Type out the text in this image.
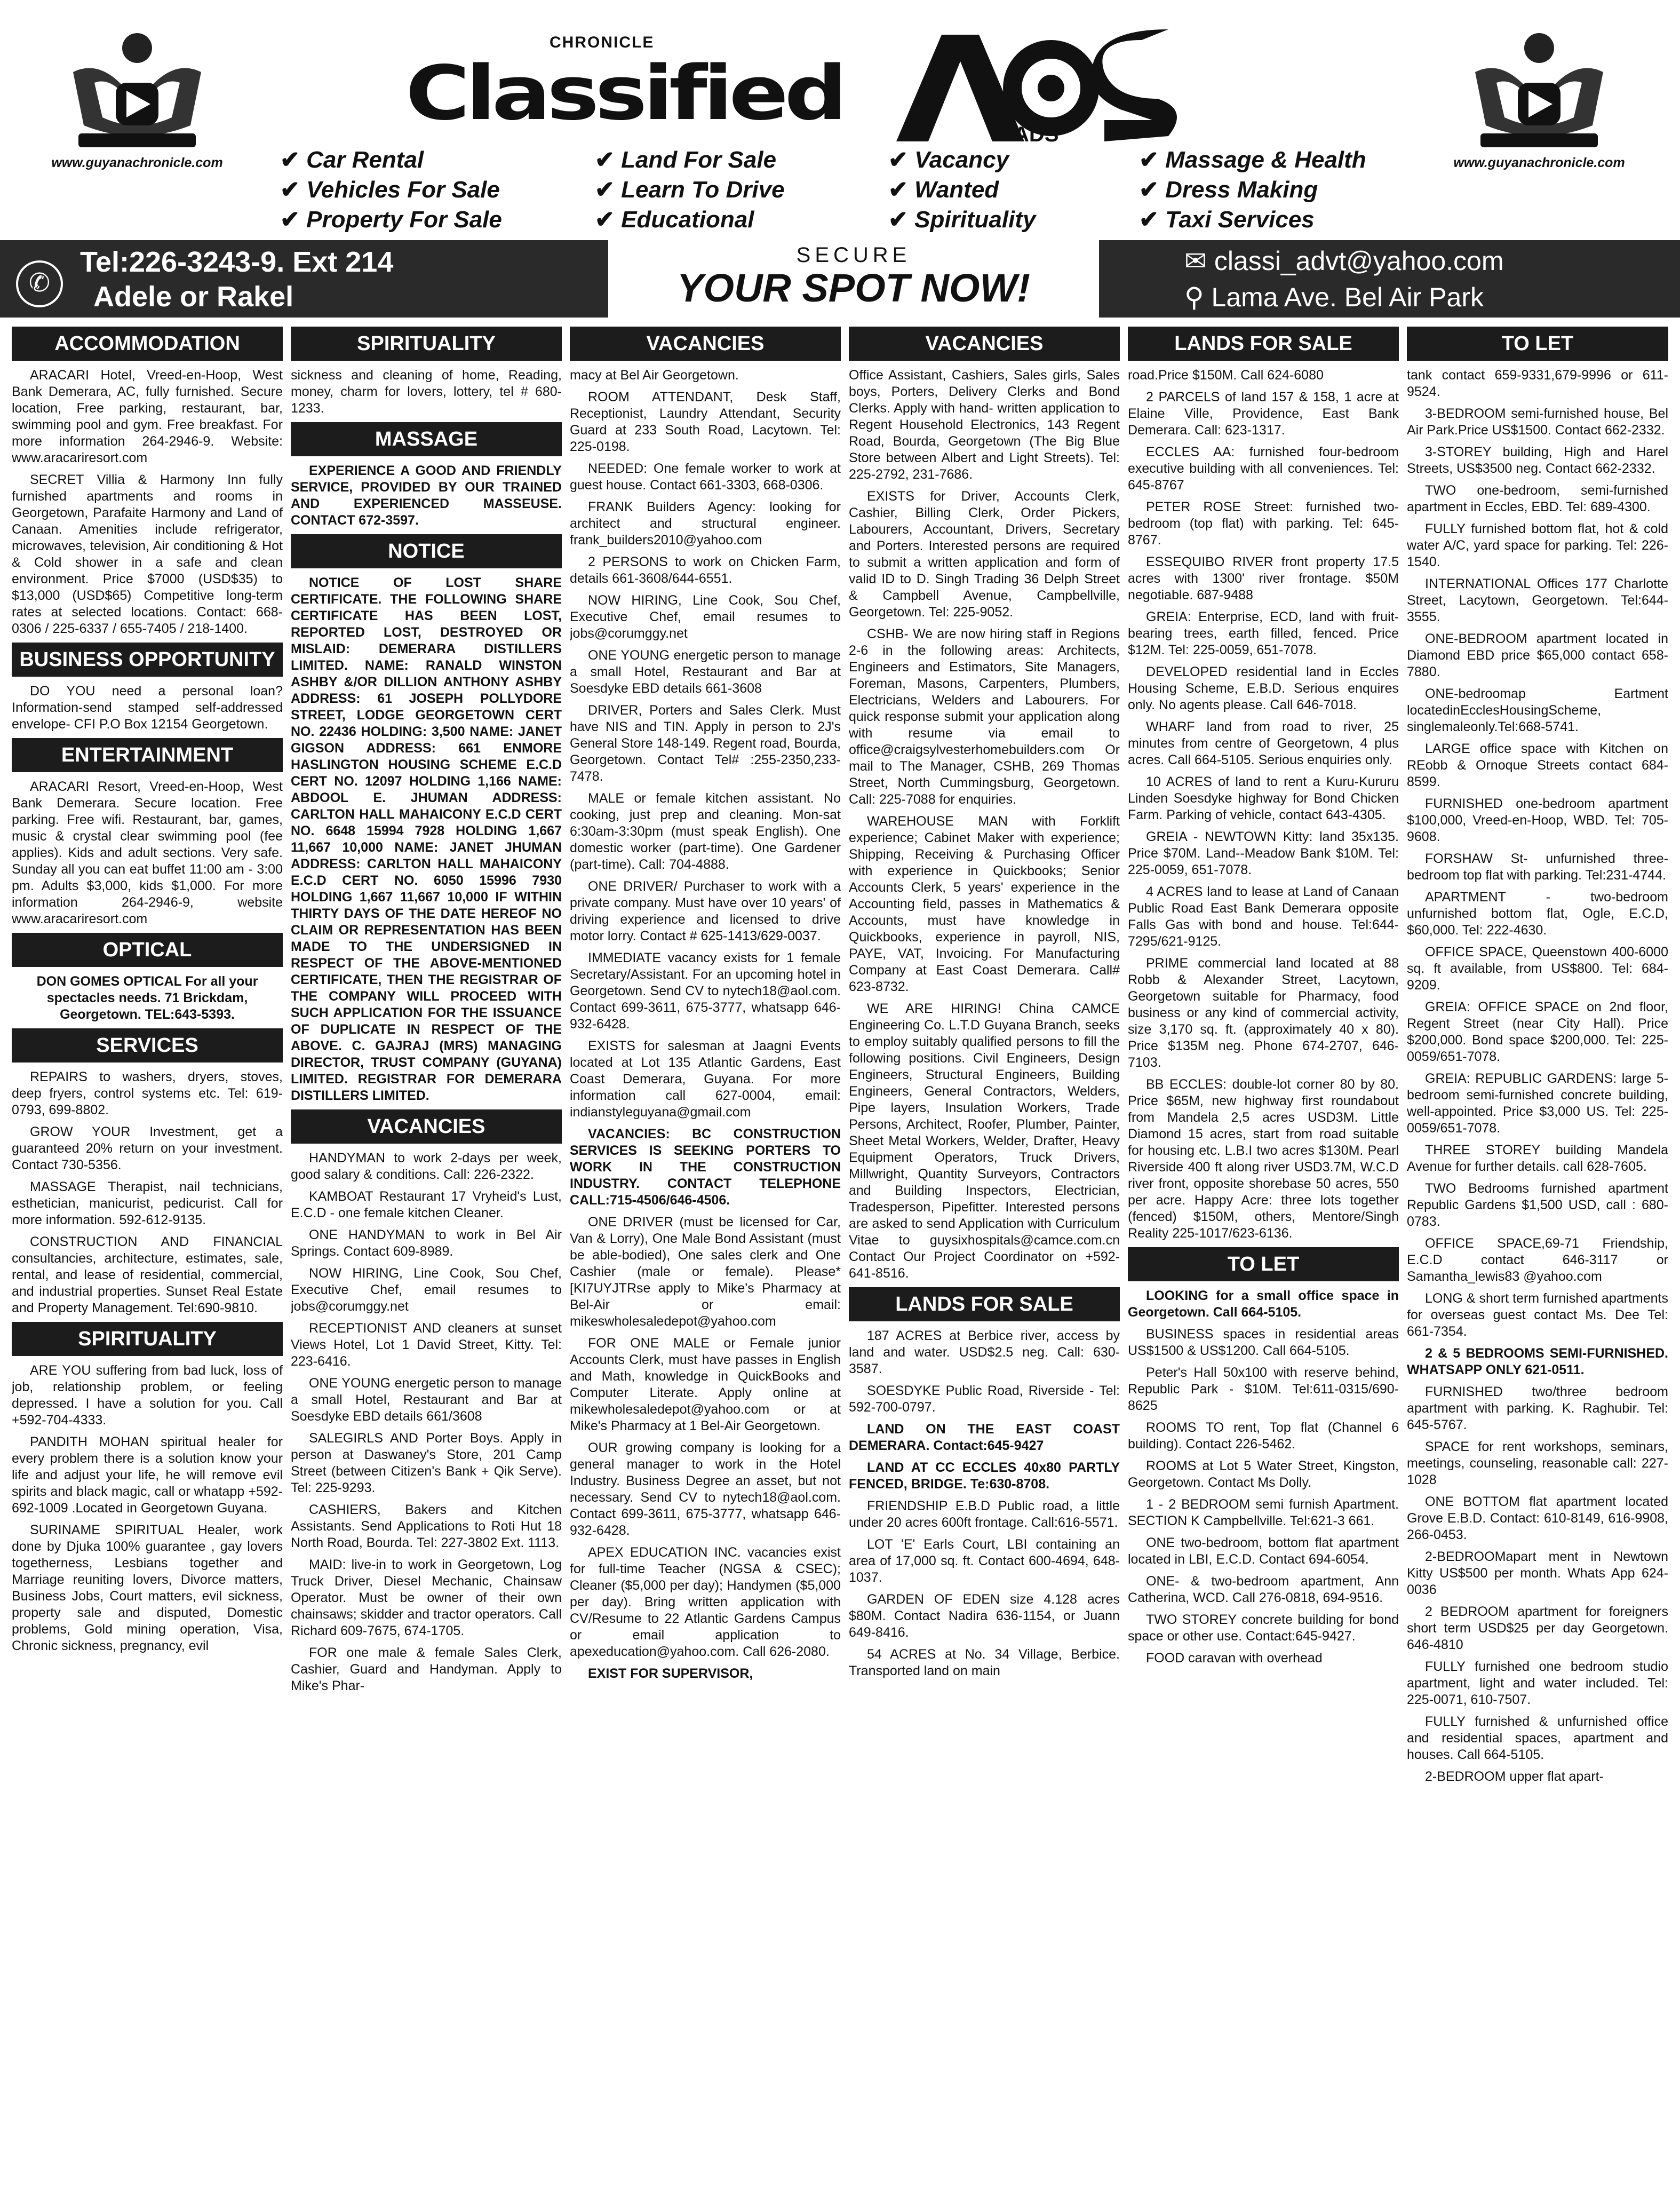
www.guyanachronicle.com
CHRONICLE
Classified	ADS
✔ Car Rental
✔ Vehicles For Sale
✔ Property For Sale
✔ Land For Sale
✔ Learn To Drive
✔ Educational
✔ Vacancy
✔ Wanted
✔ Spirituality
✔ Massage & Health
✔ Dress Making
✔ Taxi Services
www.guyanachronicle.com
✆
Tel:226-3243-9. Ext 214
Adele or Rakel
SECURE
YOUR SPOT NOW!
✉ classi_advt@yahoo.com
⚲ Lama Ave. Bel Air Park
ACCOMMODATION

ARACARI Hotel, Vreed-en-Hoop, West Bank Demerara, AC, fully furnished. Secure location, Free parking, restaurant, bar, swimming pool and gym. Free breakfast. For more information 264-2946-9. Website: www.aracariresort.com

SECRET Villia & Harmony Inn fully furnished apartments and rooms in Georgetown, Parafaite Harmony and Land of Canaan. Amenities include refrigerator, microwaves, television, Air conditioning & Hot & Cold shower in a safe and clean environment. Price $7000 (USD$35) to $13,000 (USD$65) Competitive long-term rates at selected locations. Contact: 668-0306 / 225-6337 / 655-7405 / 218-1400.

BUSINESS OPPORTUNITY

DO YOU need a personal loan? Information-send stamped self-addressed envelope- CFI P.O Box 12154 Georgetown.

ENTERTAINMENT

ARACARI Resort, Vreed-en-Hoop, West Bank Demerara. Secure location. Free parking. Free wifi. Restaurant, bar, games, music & crystal clear swimming pool (fee applies). Kids and adult sections. Very safe. Sunday all you can eat buffet 11:00 am - 3:00 pm. Adults $3,000, kids $1,000. For more information 264-2946-9, website www.aracariresort.com

OPTICAL

DON GOMES OPTICAL For all your spectacles needs. 71 Brickdam, Georgetown. TEL:643-5393.

SERVICES

REPAIRS to washers, dryers, stoves, deep fryers, control systems etc. Tel: 619-0793, 699-8802.

GROW YOUR Investment, get a guaranteed 20% return on your investment. Contact 730-5356.

MASSAGE Therapist, nail technicians, esthetician, manicurist, pedicurist. Call for more information. 592-612-9135.

CONSTRUCTION AND FINANCIAL consultancies, architecture, estimates, sale, rental, and lease of residential, commercial, and industrial properties. Sunset Real Estate and Property Management. Tel:690-9810.

SPIRITUALITY

ARE YOU suffering from bad luck, loss of job, relationship problem, or feeling depressed. I have a solution for you. Call +592-704-4333.

PANDITH MOHAN spiritual healer for every problem there is a solution know your life and adjust your life, he will remove evil spirits and black magic, call or whatapp +592-692-1009 .Located in Georgetown Guyana.

SURINAME SPIRITUAL Healer, work done by Djuka 100% guarantee , gay lovers togetherness, Lesbians together and Marriage reuniting lovers, Divorce matters, Business Jobs, Court matters, evil sickness, property sale and disputed, Domestic problems, Gold mining operation, Visa, Chronic sickness, pregnancy, evil

SPIRITUALITY

sickness and cleaning of home, Reading, money, charm for lovers, lottery, tel # 680-1233.

MASSAGE

EXPERIENCE A GOOD AND FRIENDLY SERVICE, PROVIDED BY OUR TRAINED AND EXPERIENCED MASSEUSE. CONTACT 672-3597.

NOTICE

NOTICE OF LOST SHARE CERTIFICATE. THE FOLLOWING SHARE CERTIFICATE HAS BEEN LOST, REPORTED LOST, DESTROYED OR MISLAID: DEMERARA DISTILLERS LIMITED. NAME: RANALD WINSTON ASHBY &/OR DILLION ANTHONY ASHBY ADDRESS: 61 JOSEPH POLLYDORE STREET, LODGE GEORGETOWN CERT NO. 22436 HOLDING: 3,500 NAME: JANET GIGSON ADDRESS: 661 ENMORE HASLINGTON HOUSING SCHEME E.C.D CERT NO. 12097 HOLDING 1,166 NAME: ABDOOL E. JHUMAN ADDRESS: CARLTON HALL MAHAICONY E.C.D CERT NO. 6648 15994 7928 HOLDING 1,667 11,667 10,000 NAME: JANET JHUMAN ADDRESS: CARLTON HALL MAHAICONY E.C.D CERT NO. 6050 15996 7930 HOLDING 1,667 11,667 10,000 IF WITHIN THIRTY DAYS OF THE DATE HEREOF NO CLAIM OR REPRESENTATION HAS BEEN MADE TO THE UNDERSIGNED IN RESPECT OF THE ABOVE-MENTIONED CERTIFICATE, THEN THE REGISTRAR OF THE COMPANY WILL PROCEED WITH SUCH APPLICATION FOR THE ISSUANCE OF DUPLICATE IN RESPECT OF THE ABOVE. C. GAJRAJ (MRS) MANAGING DIRECTOR, TRUST COMPANY (GUYANA) LIMITED. REGISTRAR FOR DEMERARA DISTILLERS LIMITED.

VACANCIES

HANDYMAN to work 2-days per week, good salary & conditions. Call: 226-2322.

KAMBOAT Restaurant 17 Vryheid's Lust, E.C.D - one female kitchen Cleaner.

ONE HANDYMAN to work in Bel Air Springs. Contact 609-8989.

NOW HIRING, Line Cook, Sou Chef, Executive Chef, email resumes to jobs@corumggy.net

RECEPTIONIST AND cleaners at sunset Views Hotel, Lot 1 David Street, Kitty. Tel: 223-6416.

ONE YOUNG energetic person to manage a small Hotel, Restaurant and Bar at Soesdyke EBD details 661/3608

SALEGIRLS AND Porter Boys. Apply in person at Daswaney's Store, 201 Camp Street (between Citizen's Bank + Qik Serve). Tel: 225-9293.

CASHIERS, Bakers and Kitchen Assistants. Send Applications to Roti Hut 18 North Road, Bourda. Tel: 227-3802 Ext. 1113.

MAID: live-in to work in Georgetown, Log Truck Driver, Diesel Mechanic, Chainsaw Operator. Must be owner of their own chainsaws; skidder and tractor operators. Call Richard 609-7675, 674-1705.

FOR one male & female Sales Clerk, Cashier, Guard and Handyman. Apply to Mike's Phar-

VACANCIES

macy at Bel Air Georgetown.

ROOM ATTENDANT, Desk Staff, Receptionist, Laundry Attendant, Security Guard at 233 South Road, Lacytown. Tel: 225-0198.

NEEDED: One female worker to work at guest house. Contact 661-3303, 668-0306.

FRANK Builders Agency: looking for architect and structural engineer. frank_builders2010@yahoo.com

2 PERSONS to work on Chicken Farm, details 661-3608/644-6551.

NOW HIRING, Line Cook, Sou Chef, Executive Chef, email resumes to jobs@corumggy.net

ONE YOUNG energetic person to manage a small Hotel, Restaurant and Bar at Soesdyke EBD details 661-3608

DRIVER, Porters and Sales Clerk. Must have NIS and TIN. Apply in person to 2J's General Store 148-149. Regent road, Bourda, Georgetown. Contact Tel# :255-2350,233-7478.

MALE or female kitchen assistant. No cooking, just prep and cleaning. Mon-sat 6:30am-3:30pm (must speak English). One domestic worker (part-time). One Gardener (part-time). Call: 704-4888.

ONE DRIVER/ Purchaser to work with a private company. Must have over 10 years' of driving experience and licensed to drive motor lorry. Contact # 625-1413/629-0037.

IMMEDIATE vacancy exists for 1 female Secretary/Assistant. For an upcoming hotel in Georgetown. Send CV to nytech18@aol.com. Contact 699-3611, 675-3777, whatsapp 646-932-6428.

EXISTS for salesman at Jaagni Events located at Lot 135 Atlantic Gardens, East Coast Demerara, Guyana. For more information call 627-0004, email: indianstyleguyana@gmail.com

VACANCIES: BC CONSTRUCTION SERVICES IS SEEKING PORTERS TO WORK IN THE CONSTRUCTION INDUSTRY. CONTACT TELEPHONE CALL:715-4506/646-4506.

ONE DRIVER (must be licensed for Car, Van & Lorry), One Male Bond Assistant (must be able-bodied), One sales clerk and One Cashier (male or female). Please*[KI7UYJTRse apply to Mike's Pharmacy at Bel-Air or email: mikeswholesaledepot@yahoo.com

FOR ONE MALE or Female junior Accounts Clerk, must have passes in English and Math, knowledge in QuickBooks and Computer Literate. Apply online at mikewholesaledepot@yahoo.com or at Mike's Pharmacy at 1 Bel-Air Georgetown.

OUR growing company is looking for a general manager to work in the Hotel Industry. Business Degree an asset, but not necessary. Send CV to nytech18@aol.com. Contact 699-3611, 675-3777, whatsapp 646-932-6428.

APEX EDUCATION INC. vacancies exist for full-time Teacher (NGSA & CSEC); Cleaner ($5,000 per day); Handymen ($5,000 per day). Bring written application with CV/Resume to 22 Atlantic Gardens Campus or email application to apexeducation@yahoo.com. Call 626-2080.

EXIST FOR SUPERVISOR,

VACANCIES

Office Assistant, Cashiers, Sales girls, Sales boys, Porters, Delivery Clerks and Bond Clerks. Apply with hand- written application to Regent Household Electronics, 143 Regent Road, Bourda, Georgetown (The Big Blue Store between Albert and Light Streets). Tel: 225-2792, 231-7686.

EXISTS for Driver, Accounts Clerk, Cashier, Billing Clerk, Order Pickers, Labourers, Accountant, Drivers, Secretary and Porters. Interested persons are required to submit a written application and form of valid ID to D. Singh Trading 36 Delph Street & Campbell Avenue, Campbellville, Georgetown. Tel: 225-9052.

CSHB- We are now hiring staff in Regions 2-6 in the following areas: Architects, Engineers and Estimators, Site Managers, Foreman, Masons, Carpenters, Plumbers, Electricians, Welders and Labourers. For quick response submit your application along with resume via email to office@craigsylvesterhomebuilders.com Or mail to The Manager, CSHB, 269 Thomas Street, North Cummingsburg, Georgetown. Call: 225-7088 for enquiries.

WAREHOUSE MAN with Forklift experience; Cabinet Maker with experience; Shipping, Receiving & Purchasing Officer with experience in Quickbooks; Senior Accounts Clerk, 5 years' experience in the Accounting field, passes in Mathematics & Accounts, must have knowledge in Quickbooks, experience in payroll, NIS, PAYE, VAT, Invoicing. For Manufacturing Company at East Coast Demerara. Call# 623-8732.

WE ARE HIRING! China CAMCE Engineering Co. L.T.D Guyana Branch, seeks to employ suitably qualified persons to fill the following positions. Civil Engineers, Design Engineers, Structural Engineers, Building Engineers, General Contractors, Welders, Pipe layers, Insulation Workers, Trade Persons, Architect, Roofer, Plumber, Painter, Sheet Metal Workers, Welder, Drafter, Heavy Equipment Operators, Truck Drivers, Millwright, Quantity Surveyors, Contractors and Building Inspectors, Electrician, Tradesperson, Pipefitter. Interested persons are asked to send Application with Curriculum Vitae to guysixhospitals@camce.com.cn Contact Our Project Coordinator on +592-641-8516.

LANDS FOR SALE

187 ACRES at Berbice river, access by land and water. USD$2.5 neg. Call: 630-3587.

SOESDYKE Public Road, Riverside - Tel: 592-700-0797.

LAND ON THE EAST COAST DEMERARA. Contact:645-9427

LAND AT CC ECCLES 40x80 PARTLY FENCED, BRIDGE. Te:630-8708.

FRIENDSHIP E.B.D Public road, a little under 20 acres 600ft frontage. Call:616-5571.

LOT 'E' Earls Court, LBI containing an area of 17,000 sq. ft. Contact 600-4694, 648-1037.

GARDEN OF EDEN size 4.128 acres $80M. Contact Nadira 636-1154, or Juann 649-8416.

54 ACRES at No. 34 Village, Berbice. Transported land on main

LANDS FOR SALE

road.Price $150M. Call 624-6080

2 PARCELS of land 157 & 158, 1 acre at Elaine Ville, Providence, East Bank Demerara. Call: 623-1317.

ECCLES AA: furnished four-bedroom executive building with all conveniences. Tel: 645-8767

PETER ROSE Street: furnished two-bedroom (top flat) with parking. Tel: 645-8767.

ESSEQUIBO RIVER front property 17.5 acres with 1300' river frontage. $50M negotiable. 687-9488

GREIA: Enterprise, ECD, land with fruit-bearing trees, earth filled, fenced. Price $12M. Tel: 225-0059, 651-7078.

DEVELOPED residential land in Eccles Housing Scheme, E.B.D. Serious enquires only. No agents please. Call 646-7018.

WHARF land from road to river, 25 minutes from centre of Georgetown, 4 plus acres. Call 664-5105. Serious enquiries only.

10 ACRES of land to rent a Kuru-Kururu Linden Soesdyke highway for Bond Chicken Farm. Parking of vehicle, contact 643-4305.

GREIA - NEWTOWN Kitty: land 35x135. Price $70M. Land--Meadow Bank $10M. Tel: 225-0059, 651-7078.

4 ACRES land to lease at Land of Canaan Public Road East Bank Demerara opposite Falls Gas with bond and house. Tel:644-7295/621-9125.

PRIME commercial land located at 88 Robb & Alexander Street, Lacytown, Georgetown suitable for Pharmacy, food business or any kind of commercial activity, size 3,170 sq. ft. (approximately 40 x 80). Price $135M neg. Phone 674-2707, 646-7103.

BB ECCLES: double-lot corner 80 by 80. Price $65M, new highway first roundabout from Mandela 2,5 acres USD3M. Little Diamond 15 acres, start from road suitable for housing etc. L.B.I two acres $130M. Pearl Riverside 400 ft along river USD3.7M, W.C.D river front, opposite shorebase 50 acres, 550 per acre. Happy Acre: three lots together (fenced) $150M, others, Mentore/Singh Reality 225-1017/623-6136.

TO LET

LOOKING for a small office space in Georgetown. Call 664-5105.

BUSINESS spaces in residential areas US$1500 & US$1200. Call 664-5105.

Peter's Hall 50x100 with reserve behind, Republic Park - $10M. Tel:611-0315/690-8625

ROOMS TO rent, Top flat (Channel 6 building). Contact 226-5462.

ROOMS at Lot 5 Water Street, Kingston, Georgetown. Contact Ms Dolly.

1 - 2 BEDROOM semi furnish Apartment. SECTION K Campbellville. Tel:621-3 661.

ONE two-bedroom, bottom flat apartment located in LBI, E.C.D. Contact 694-6054.

ONE- & two-bedroom apartment, Ann Catherina, WCD. Call 276-0818, 694-9516.

TWO STOREY concrete building for bond space or other use. Contact:645-9427.

FOOD caravan with overhead

TO LET

tank contact 659-9331,679-9996 or 611-9524.

3-BEDROOM semi-furnished house, Bel Air Park.Price US$1500. Contact 662-2332.

3-STOREY building, High and Harel Streets, US$3500 neg. Contact 662-2332.

TWO one-bedroom, semi-furnished apartment in Eccles, EBD. Tel: 689-4300.

FULLY furnished bottom flat, hot & cold water A/C, yard space for parking. Tel: 226-1540.

INTERNATIONAL Offices 177 Charlotte Street, Lacytown, Georgetown. Tel:644-3555.

ONE-BEDROOM apartment located in Diamond EBD price $65,000 contact 658-7880.

ONE-bedroomap Eartment locatedinEcclesHousingScheme, singlemaleonly.Tel:668-5741.

LARGE office space with Kitchen on REobb & Ornoque Streets contact 684-8599.

FURNISHED one-bedroom apartment $100,000, Vreed-en-Hoop, WBD. Tel: 705-9608.

FORSHAW St- unfurnished three-bedroom top flat with parking. Tel:231-4744.

APARTMENT - two-bedroom unfurnished bottom flat, Ogle, E.C.D, $60,000. Tel: 222-4630.

OFFICE SPACE, Queenstown 400-6000 sq. ft available, from US$800. Tel: 684-9209.

GREIA: OFFICE SPACE on 2nd floor, Regent Street (near City Hall). Price $200,000. Bond space $200,000. Tel: 225-0059/651-7078.

GREIA: REPUBLIC GARDENS: large 5-bedroom semi-furnished concrete building, well-appointed. Price $3,000 US. Tel: 225-0059/651-7078.

THREE STOREY building Mandela Avenue for further details. call 628-7605.

TWO Bedrooms furnished apartment Republic Gardens $1,500 USD, call : 680-0783.

OFFICE SPACE,69-71 Friendship, E.C.D contact 646-3117 or Samantha_lewis83 @yahoo.com

LONG & short term furnished apartments for overseas guest contact Ms. Dee Tel: 661-7354.

2 & 5 BEDROOMS SEMI-FURNISHED. WHATSAPP ONLY 621-0511.

FURNISHED two/three bedroom apartment with parking. K. Raghubir. Tel: 645-5767.

SPACE for rent workshops, seminars, meetings, counseling, reasonable call: 227-1028

ONE BOTTOM flat apartment located Grove E.B.D. Contact: 610-8149, 616-9908, 266-0453.

2-BEDROOMapart ment in Newtown Kitty US$500 per month. Whats App 624-0036

2 BEDROOM apartment for foreigners short term USD$25 per day Georgetown. 646-4810

FULLY furnished one bedroom studio apartment, light and water included. Tel: 225-0071, 610-7507.

FULLY furnished & unfurnished office and residential spaces, apartment and houses. Call 664-5105.

2-BEDROOM upper flat apart-
